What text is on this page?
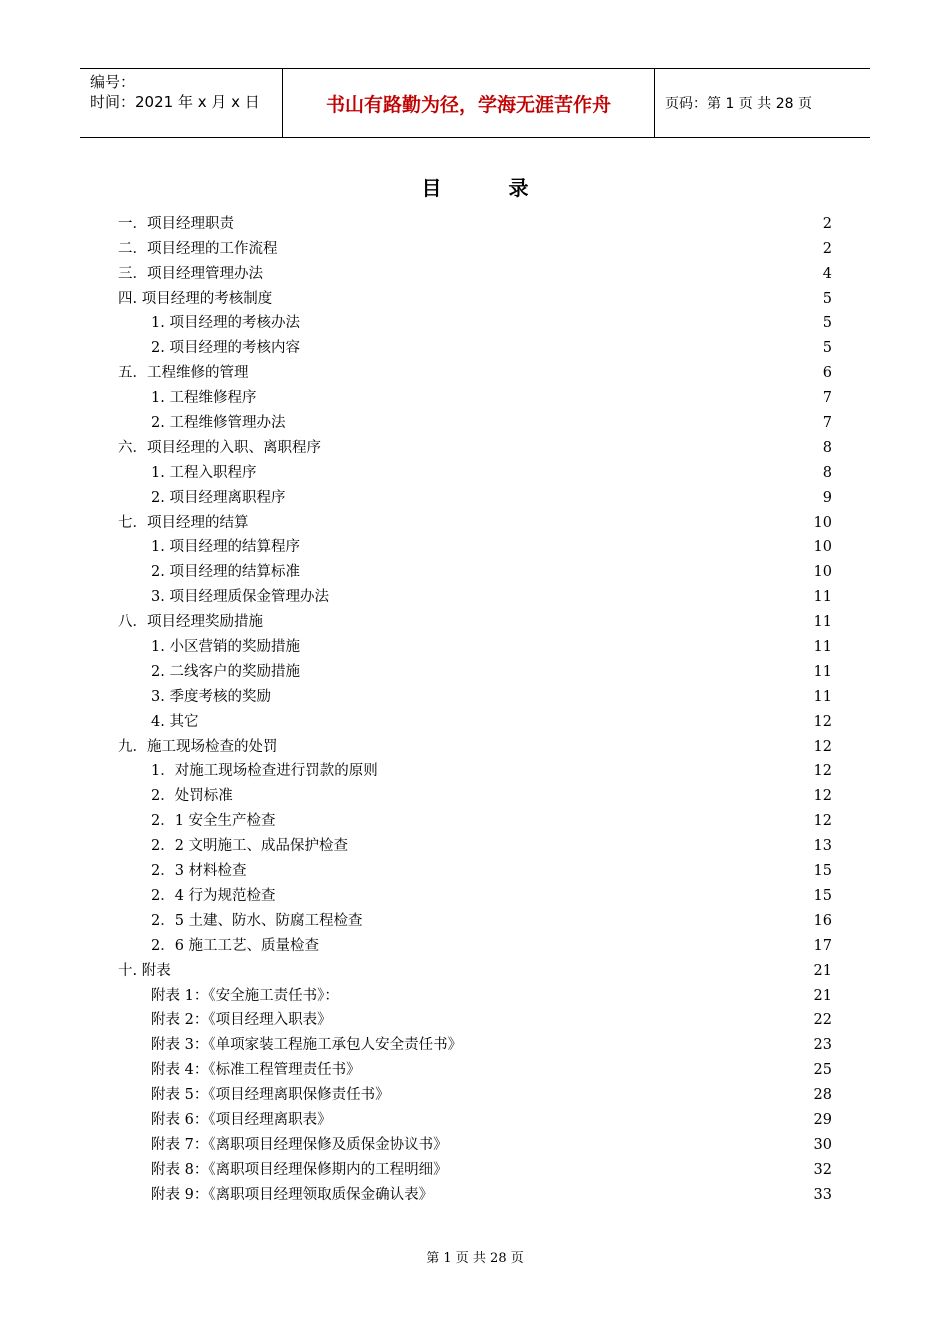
编号：
时间：2021 年 x 月 x 日	书山有路勤为径，学海无涯苦作舟	页码：第 1 页 共 28 页
目 录
一．项目经理职责 .....	2
二．项目经理的工作流程 .....	2
三．项目经理管理办法 .....	4
四. 项目经理的考核制度 .....	5
1. 项目经理的考核办法 .....	5
2. 项目经理的考核内容 .....	5
五．工程维修的管理 .....	6
1. 工程维修程序 .....	7
2. 工程维修管理办法 .....	7
六．项目经理的入职、离职程序 .....	8
1. 工程入职程序 .....	8
2. 项目经理离职程序 .....	9
七．项目经理的结算 .....	10
1. 项目经理的结算程序 .....	10
2. 项目经理的结算标准 .....	10
3. 项目经理质保金管理办法 .....	11
八．项目经理奖励措施 .....	11
1. 小区营销的奖励措施 .....	11
2. 二线客户的奖励措施 .....	11
3. 季度考核的奖励 .....	11
4. 其它 .....	12
九．施工现场检查的处罚 .....	12
1．对施工现场检查进行罚款的原则 .....	12
2．处罚标准 .....	12
2．1 安全生产检查 .....	12
2．2 文明施工、成品保护检查 .....	13
2．3 材料检查 .....	15
2．4 行为规范检查 .....	15
2．5 土建、防水、防腐工程检查 .....	16
2．6 施工工艺、质量检查 .....	17
十. 附表 .....	21
附表 1：《安全施工责任书》： .....	21
附表 2：《项目经理入职表》 .....	22
附表 3：《单项家装工程施工承包人安全责任书》 .....	23
附表 4：《标准工程管理责任书》 .....	25
附表 5：《项目经理离职保修责任书》 .....	28
附表 6：《项目经理离职表》 .....	29
附表 7：《离职项目经理保修及质保金协议书》 .....	30
附表 8：《离职项目经理保修期内的工程明细》 .....	32
附表 9：《离职项目经理领取质保金确认表》 .....	33
第 1 页 共 28 页
